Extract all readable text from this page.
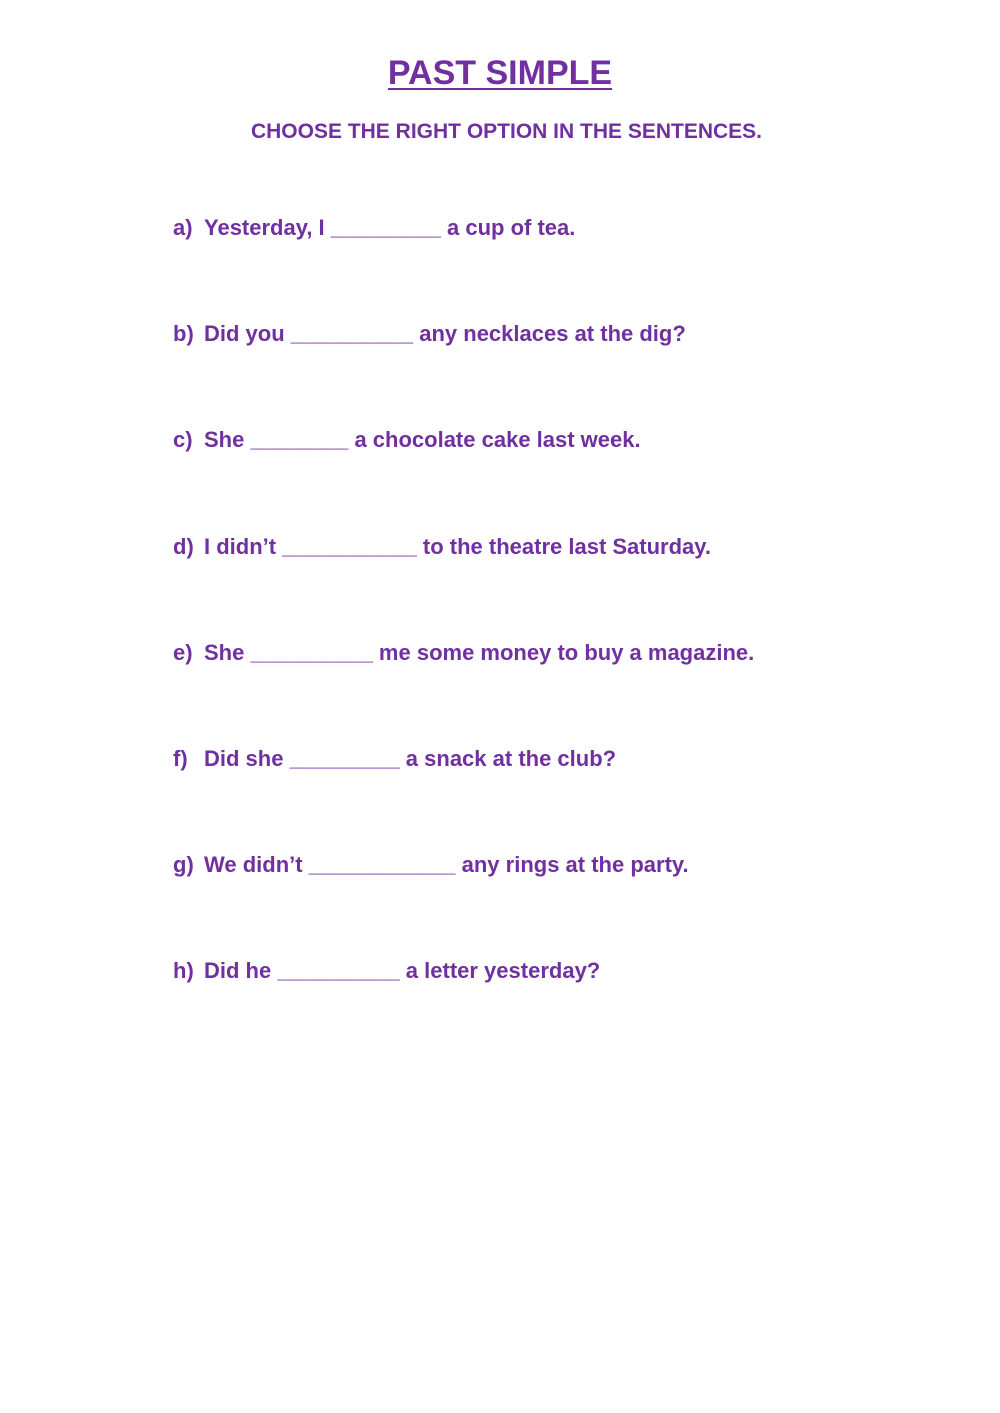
PAST SIMPLE
CHOOSE THE RIGHT OPTION IN THE SENTENCES.
a) Yesterday, I _________ a cup of tea.
b) Did you __________ any necklaces at the dig?
c) She ________ a chocolate cake last week.
d) I didn’t ___________ to the theatre last Saturday.
e) She __________ me some money to buy a magazine.
f) Did she _________ a snack at the club?
g) We didn’t ____________ any rings at the party.
h) Did he __________ a letter yesterday?
